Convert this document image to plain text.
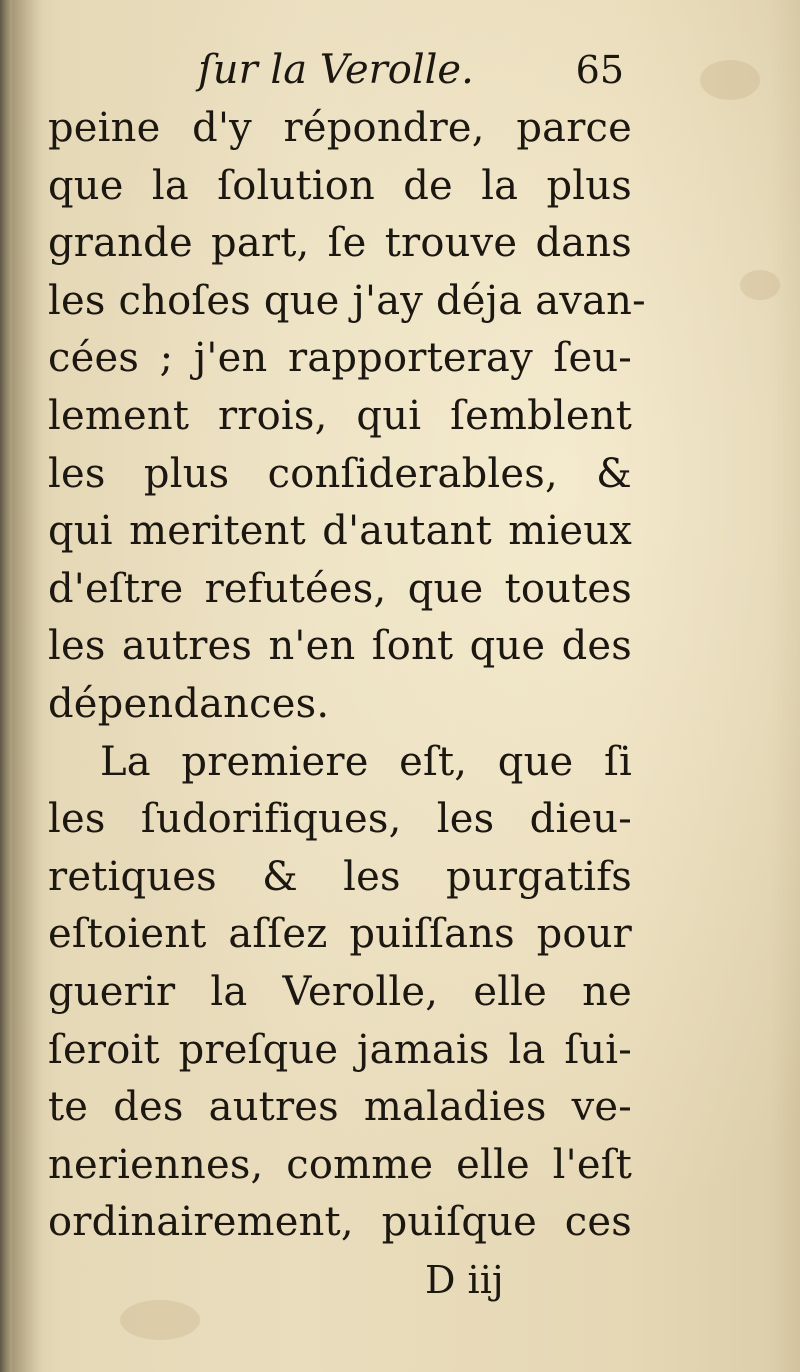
ſur la Verolle.	65
peine d'y répondre, parce
que la ſolution de la plus
grande part, ſe trouve dans
les choſes que j'ay déja avan-
cées ; j'en rapporteray ſeu-
lement rrois, qui ſemblent
les plus conſiderables, &
qui meritent d'autant mieux
d'eſtre refutées, que toutes
les autres n'en ſont que des
dépendances.
La premiere eſt, que ſi
les ſudorifiques, les dieu-
retiques & les purgatifs
eſtoient aſſez puiſſans pour
guerir la Verolle, elle ne
ſeroit preſque jamais la ſui-
te des autres maladies ve-
neriennes, comme elle l'eſt
ordinairement, puiſque ces
D iij
